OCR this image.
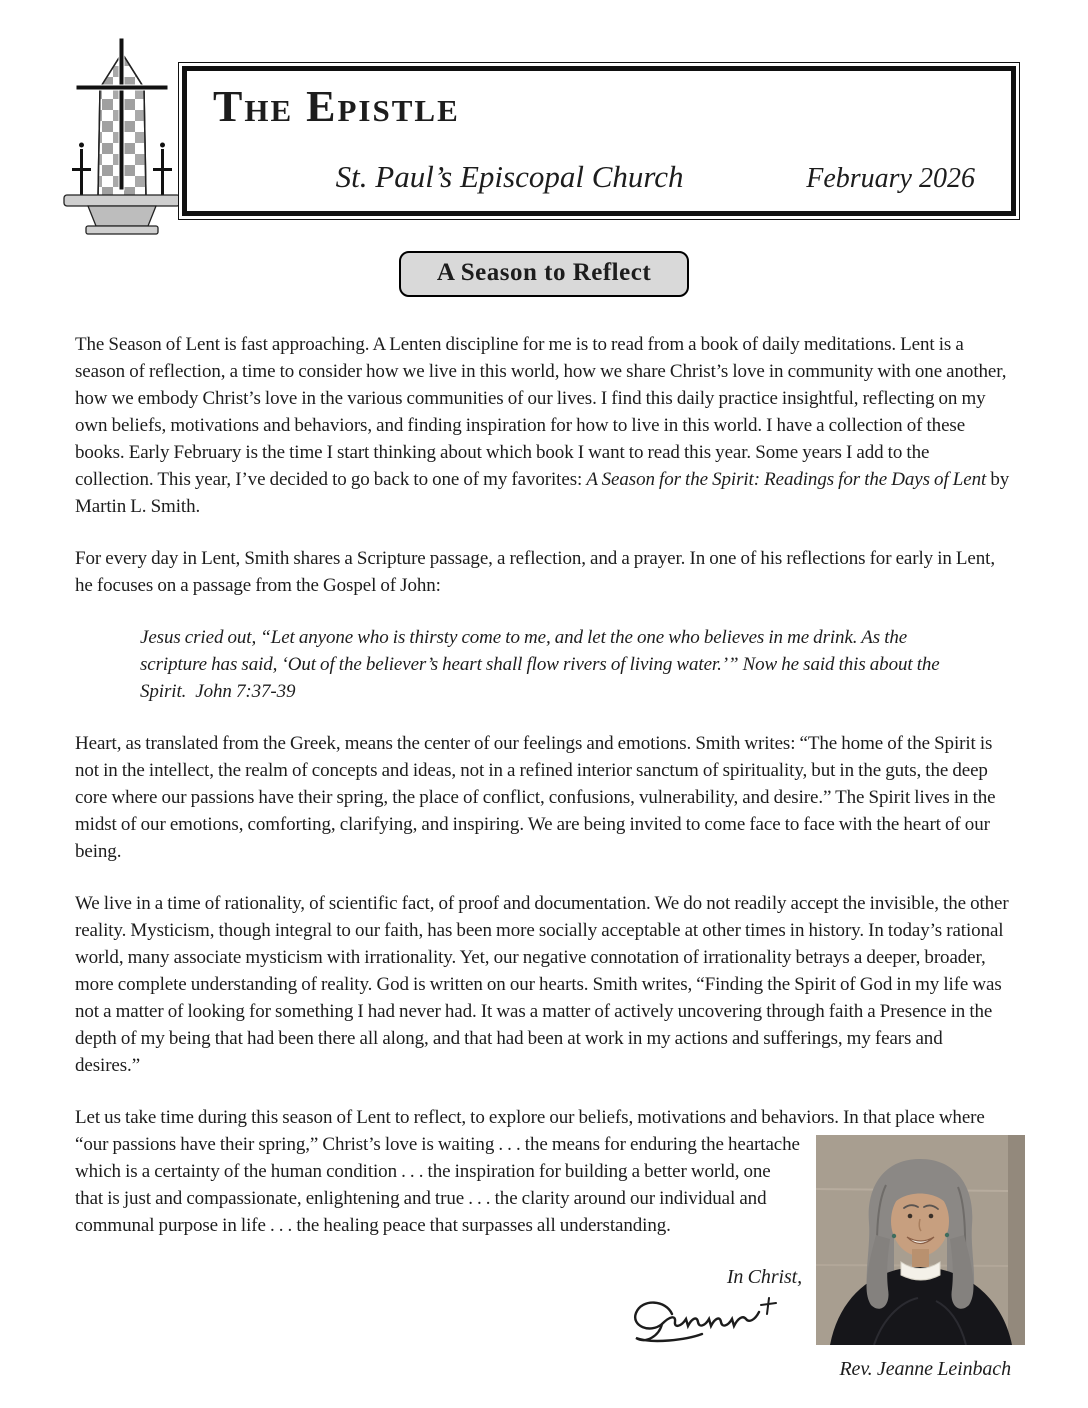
The Epistle
St. Paul’s Episcopal Church	February 2026
A Season to Reflect

The Season of Lent is fast approaching. A Lenten discipline for me is to read from a book of daily meditations. Lent is a season of reflection, a time to consider how we live in this world, how we share Christ’s love in community with one another, how we embody Christ’s love in the various communities of our lives. I find this daily practice insightful, reflecting on my own beliefs, motivations and behaviors, and finding inspiration for how to live in this world. I have a collection of these books. Early February is the time I start thinking about which book I want to read this year. Some years I add to the collection. This year, I’ve decided to go back to one of my favorites: A Season for the Spirit: Readings for the Days of Lent by Martin L. Smith.

For every day in Lent, Smith shares a Scripture passage, a reflection, and a prayer. In one of his reflections for early in Lent, he focuses on a passage from the Gospel of John:

Jesus cried out, “Let anyone who is thirsty come to me, and let the one who believes in me drink. As the scripture has said, ‘Out of the believer’s heart shall flow rivers of living water.’” Now he said this about the Spirit. John 7:37-39

Heart, as translated from the Greek, means the center of our feelings and emotions. Smith writes: “The home of the Spirit is not in the intellect, the realm of concepts and ideas, not in a refined interior sanctum of spirituality, but in the guts, the deep core where our passions have their spring, the place of conflict, confusions, vulnerability, and desire.” The Spirit lives in the midst of our emotions, comforting, clarifying, and inspiring. We are being invited to come face to face with the heart of our being.

We live in a time of rationality, of scientific fact, of proof and documentation. We do not readily accept the invisible, the other reality. Mysticism, though integral to our faith, has been more socially acceptable at other times in history. In today’s rational world, many associate mysticism with irrationality. Yet, our negative connotation of irrationality betrays a deeper, broader, more complete understanding of reality. God is written on our hearts. Smith writes, “Finding the Spirit of God in my life was not a matter of looking for something I had never had. It was a matter of actively uncovering through faith a Presence in the depth of my being that had been there all along, and that had been at work in my actions and sufferings, my fears and desires.”

Let us take time during this season of Lent to reflect, to explore our beliefs, motivations and behaviors. In that place where “our passions have their spring,” Christ’s love is waiting . . . the means for enduring the heartache
which is a certainty of the human condition . . . the inspiration for building a better world, one that is just and compassionate, enlightening and true . . . the clarity around our individual and communal purpose in life . . . the healing peace that surpasses all understanding.

In Christ,
Rev. Jeanne Leinbach
